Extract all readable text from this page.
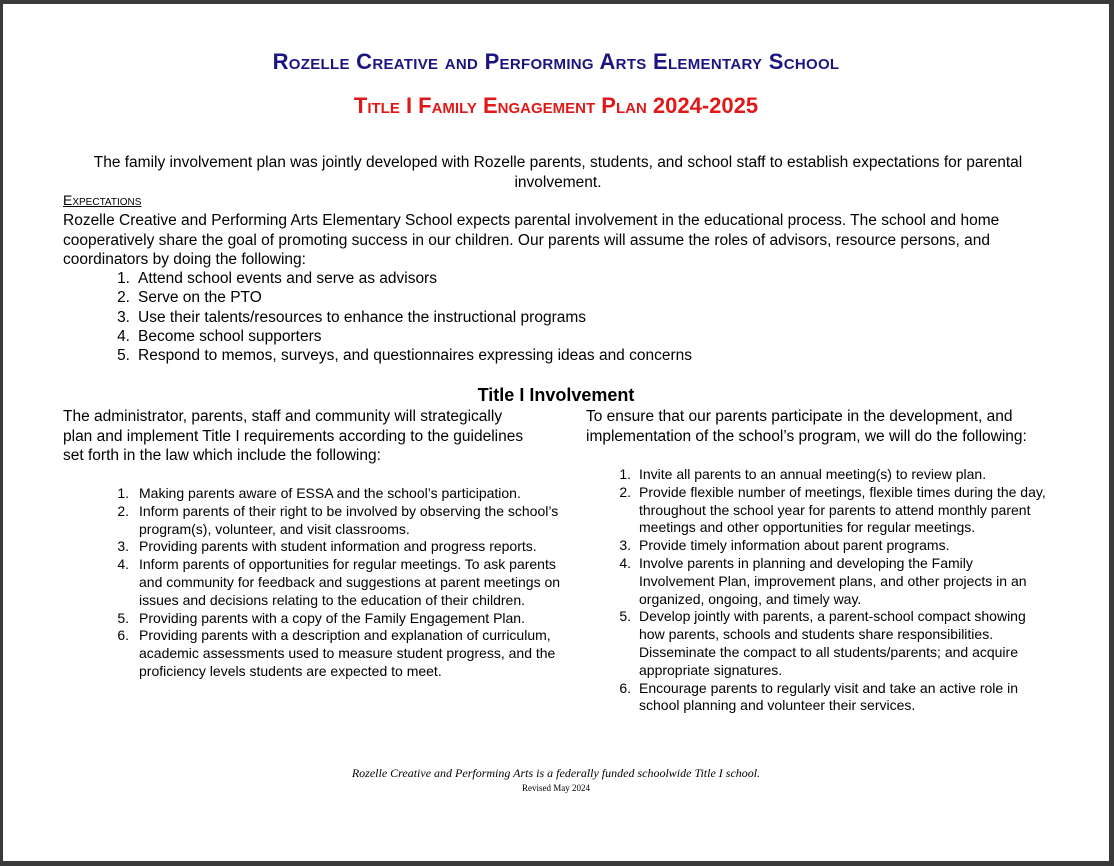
Rozelle Creative and Performing Arts Elementary School
Title I Family Engagement Plan 2024-2025
The family involvement plan was jointly developed with Rozelle parents, students, and school staff to establish expectations for parental involvement.
Expectations
Rozelle Creative and Performing Arts Elementary School expects parental involvement in the educational process. The school and home cooperatively share the goal of promoting success in our children. Our parents will assume the roles of advisors, resource persons, and coordinators by doing the following:
1. Attend school events and serve as advisors
2. Serve on the PTO
3. Use their talents/resources to enhance the instructional programs
4. Become school supporters
5. Respond to memos, surveys, and questionnaires expressing ideas and concerns
Title I Involvement
The administrator, parents, staff and community will strategically plan and implement Title I requirements according to the guidelines set forth in the law which include the following:
1. Making parents aware of ESSA and the school’s participation.
2. Inform parents of their right to be involved by observing the school’s program(s), volunteer, and visit classrooms.
3. Providing parents with student information and progress reports.
4. Inform parents of opportunities for regular meetings. To ask parents and community for feedback and suggestions at parent meetings on issues and decisions relating to the education of their children.
5. Providing parents with a copy of the Family Engagement Plan.
6. Providing parents with a description and explanation of curriculum, academic assessments used to measure student progress, and the proficiency levels students are expected to meet.
To ensure that our parents participate in the development, and implementation of the school’s program, we will do the following:
1. Invite all parents to an annual meeting(s) to review plan.
2. Provide flexible number of meetings, flexible times during the day, throughout the school year for parents to attend monthly parent meetings and other opportunities for regular meetings.
3. Provide timely information about parent programs.
4. Involve parents in planning and developing the Family Involvement Plan, improvement plans, and other projects in an organized, ongoing, and timely way.
5. Develop jointly with parents, a parent-school compact showing how parents, schools and students share responsibilities. Disseminate the compact to all students/parents; and acquire appropriate signatures.
6. Encourage parents to regularly visit and take an active role in school planning and volunteer their services.
Rozelle Creative and Performing Arts is a federally funded schoolwide Title I school.
Revised May 2024
